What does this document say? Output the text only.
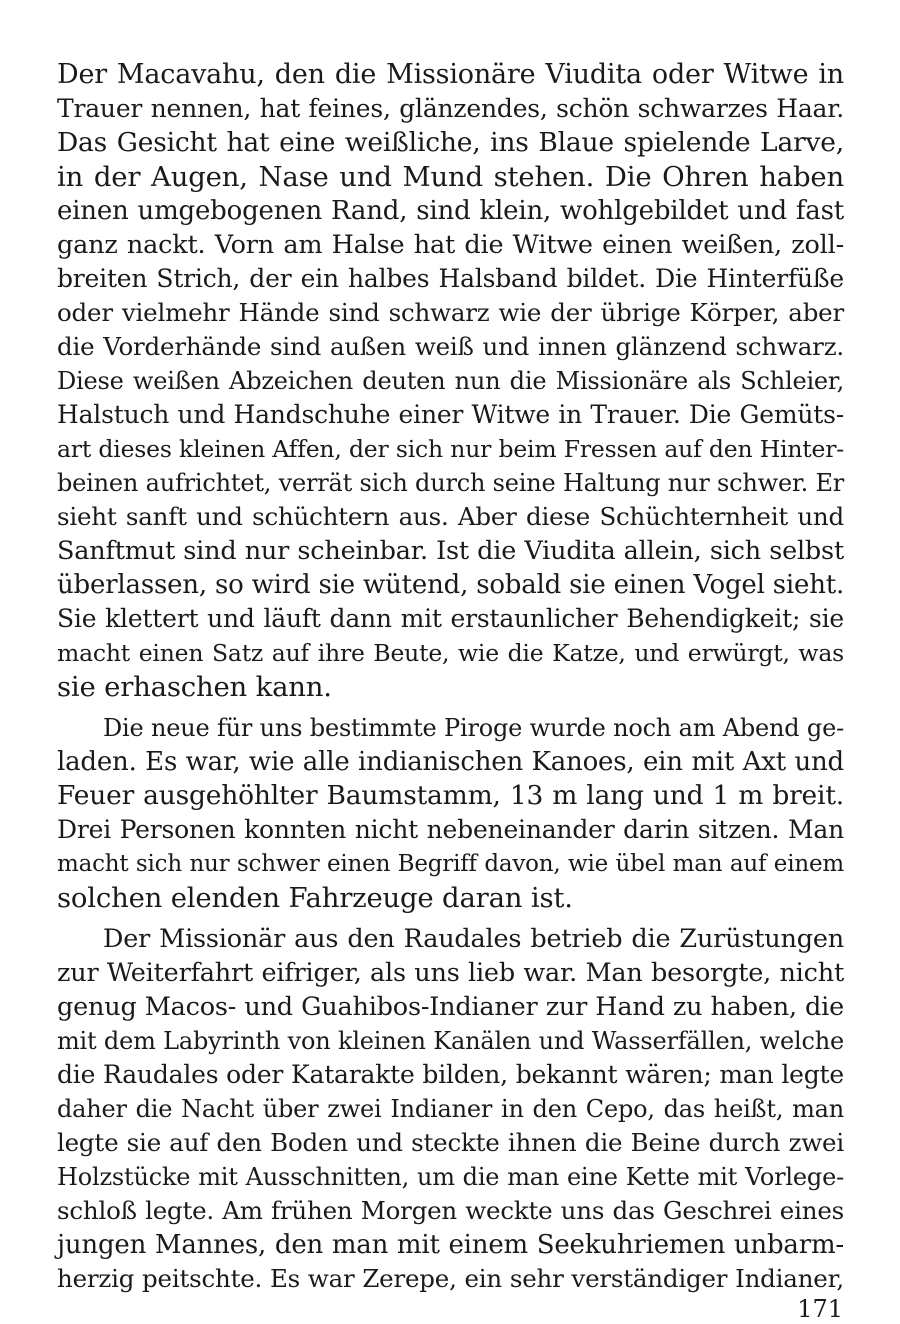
Der Macavahu, den die Missionäre Viudita oder Witwe in
Trauer nennen, hat feines, glänzendes, schön schwarzes Haar.
Das Gesicht hat eine weißliche, ins Blaue spielende Larve,
in der Augen, Nase und Mund stehen. Die Ohren haben
einen umgebogenen Rand, sind klein, wohlgebildet und fast
ganz nackt. Vorn am Halse hat die Witwe einen weißen, zoll-
breiten Strich, der ein halbes Halsband bildet. Die Hinterfüße
oder vielmehr Hände sind schwarz wie der übrige Körper, aber
die Vorderhände sind außen weiß und innen glänzend schwarz.
Diese weißen Abzeichen deuten nun die Missionäre als Schleier,
Halstuch und Handschuhe einer Witwe in Trauer. Die Gemüts-
art dieses kleinen Affen, der sich nur beim Fressen auf den Hinter-
beinen aufrichtet, verrät sich durch seine Haltung nur schwer. Er
sieht sanft und schüchtern aus. Aber diese Schüchternheit und
Sanftmut sind nur scheinbar. Ist die Viudita allein, sich selbst
überlassen, so wird sie wütend, sobald sie einen Vogel sieht.
Sie klettert und läuft dann mit erstaunlicher Behendigkeit; sie
macht einen Satz auf ihre Beute, wie die Katze, und erwürgt, was
sie erhaschen kann.
Die neue für uns bestimmte Piroge wurde noch am Abend ge-
laden. Es war, wie alle indianischen Kanoes, ein mit Axt und
Feuer ausgehöhlter Baumstamm, 13 m lang und 1 m breit.
Drei Personen konnten nicht nebeneinander darin sitzen. Man
macht sich nur schwer einen Begriff davon, wie übel man auf einem
solchen elenden Fahrzeuge daran ist.
Der Missionär aus den Raudales betrieb die Zurüstungen
zur Weiterfahrt eifriger, als uns lieb war. Man besorgte, nicht
genug Macos- und Guahibos-Indianer zur Hand zu haben, die
mit dem Labyrinth von kleinen Kanälen und Wasserfällen, welche
die Raudales oder Katarakte bilden, bekannt wären; man legte
daher die Nacht über zwei Indianer in den Cepo, das heißt, man
legte sie auf den Boden und steckte ihnen die Beine durch zwei
Holzstücke mit Ausschnitten, um die man eine Kette mit Vorlege-
schloß legte. Am frühen Morgen weckte uns das Geschrei eines
jungen Mannes, den man mit einem Seekuhriemen unbarm-
herzig peitschte. Es war Zerepe, ein sehr verständiger Indianer,
171
